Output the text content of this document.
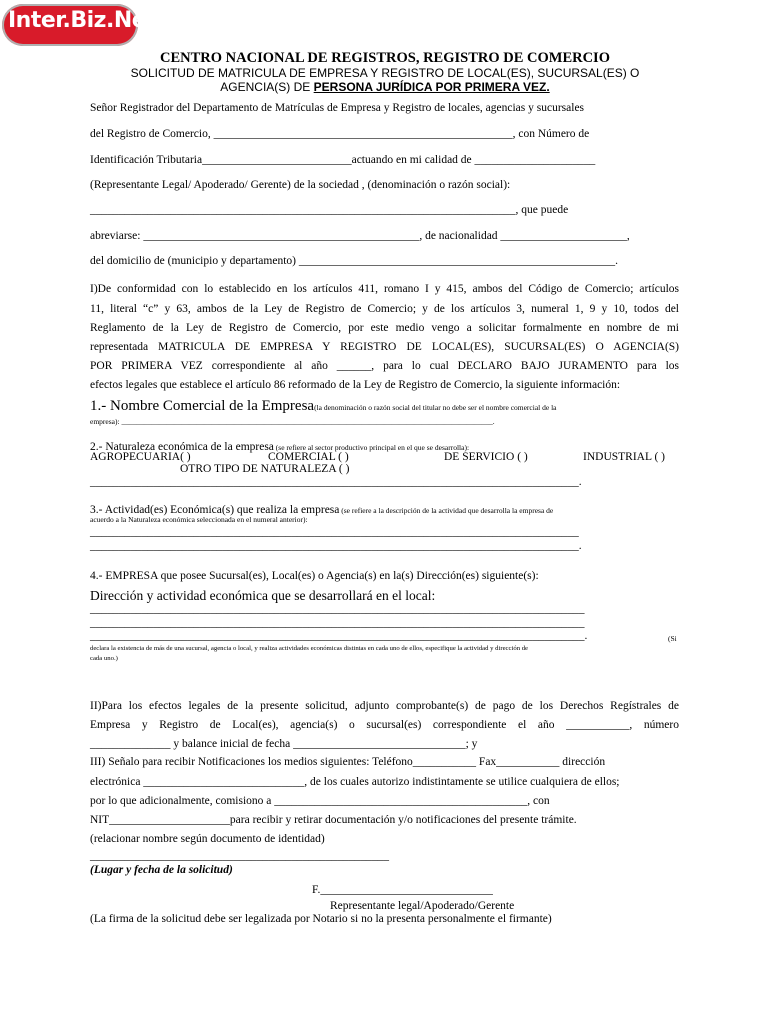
Inter.Biz.Net
CENTRO NACIONAL DE REGISTROS, REGISTRO DE COMERCIO
SOLICITUD DE MATRICULA DE EMPRESA Y REGISTRO DE LOCAL(ES), SUCURSAL(ES) O
AGENCIA(S) DE PERSONA JURÍDICA POR PRIMERA VEZ.
Señor Registrador del Departamento de Matrículas de Empresa y Registro de locales, agencias y sucursales
del Registro de Comercio, ____________________________________________________, con Número de
Identificación Tributaria__________________________actuando en mi calidad de _____________________
(Representante Legal/ Apoderado/ Gerente) de la sociedad , (denominación o razón social):
__________________________________________________________________________, que puede
abreviarse: ________________________________________________, de nacionalidad ______________________,
del domicilio de (municipio y departamento) _______________________________________________________.
I)De conformidad con lo establecido en los artículos 411, romano I y 415, ambos del Código de Comercio; artículos
11, literal “c” y 63, ambos de la Ley de Registro de Comercio; y de los artículos 3, numeral 1, 9 y 10, todos del
Reglamento de la Ley de Registro de Comercio, por este medio vengo a solicitar formalmente en nombre de mi
representada MATRICULA DE EMPRESA Y REGISTRO DE LOCAL(ES), SUCURSAL(ES) O AGENCIA(S)
POR PRIMERA VEZ correspondiente al año ______, para lo cual DECLARO BAJO JURAMENTO para los
efectos legales que establece el artículo 86 reformado de la Ley de Registro de Comercio, la siguiente información:
1.- Nombre Comercial de la Empresa(la denominación o razón social del titular no debe ser el nombre comercial de la
empresa): ___________________________________________________________________________________________________.
2.- Naturaleza económica de la empresa (se refiere al sector productivo principal en el que se desarrolla):
AGROPECUARIA( )	COMERCIAL ( )	DE SERVICIO ( )	INDUSTRIAL ( )
OTRO TIPO DE NATURALEZA ( )
_____________________________________________________________________________________.
3.- Actividad(es) Económica(s) que realiza la empresa (se refiere a la descripción de la actividad que desarrolla la empresa de
acuerdo a la Naturaleza económica seleccionada en el numeral anterior):
_____________________________________________________________________________________
_____________________________________________________________________________________.
4.- EMPRESA que posee Sucursal(es), Local(es) o Agencia(s) en la(s) Dirección(es) siguiente(s):
Dirección y actividad económica que se desarrollará en el local:
______________________________________________________________________________________
______________________________________________________________________________________
______________________________________________________________________________________.	(Si
declara la existencia de más de una sucursal, agencia o local, y realiza actividades económicas distintas en cada uno de ellos, especifique la actividad y dirección de
cada uno.)
II)Para los efectos legales de la presente solicitud, adjunto comprobante(s) de pago de los Derechos Regístrales de
Empresa y Registro de Local(es), agencia(s) o sucursal(es) correspondiente el año ___________, número
______________ y balance inicial de fecha ______________________________; y
III) Señalo para recibir Notificaciones los medios siguientes: Teléfono___________ Fax___________ dirección
electrónica ____________________________, de los cuales autorizo indistintamente se utilice cualquiera de ellos;
por lo que adicionalmente, comisiono a ____________________________________________, con
NIT_____________________para recibir y retirar documentación y/o notificaciones del presente trámite.
(relacionar nombre según documento de identidad)
____________________________________________________
(Lugar y fecha de la solicitud)
F.______________________________
Representante legal/Apoderado/Gerente
(La firma de la solicitud debe ser legalizada por Notario si no la presenta personalmente el firmante)
